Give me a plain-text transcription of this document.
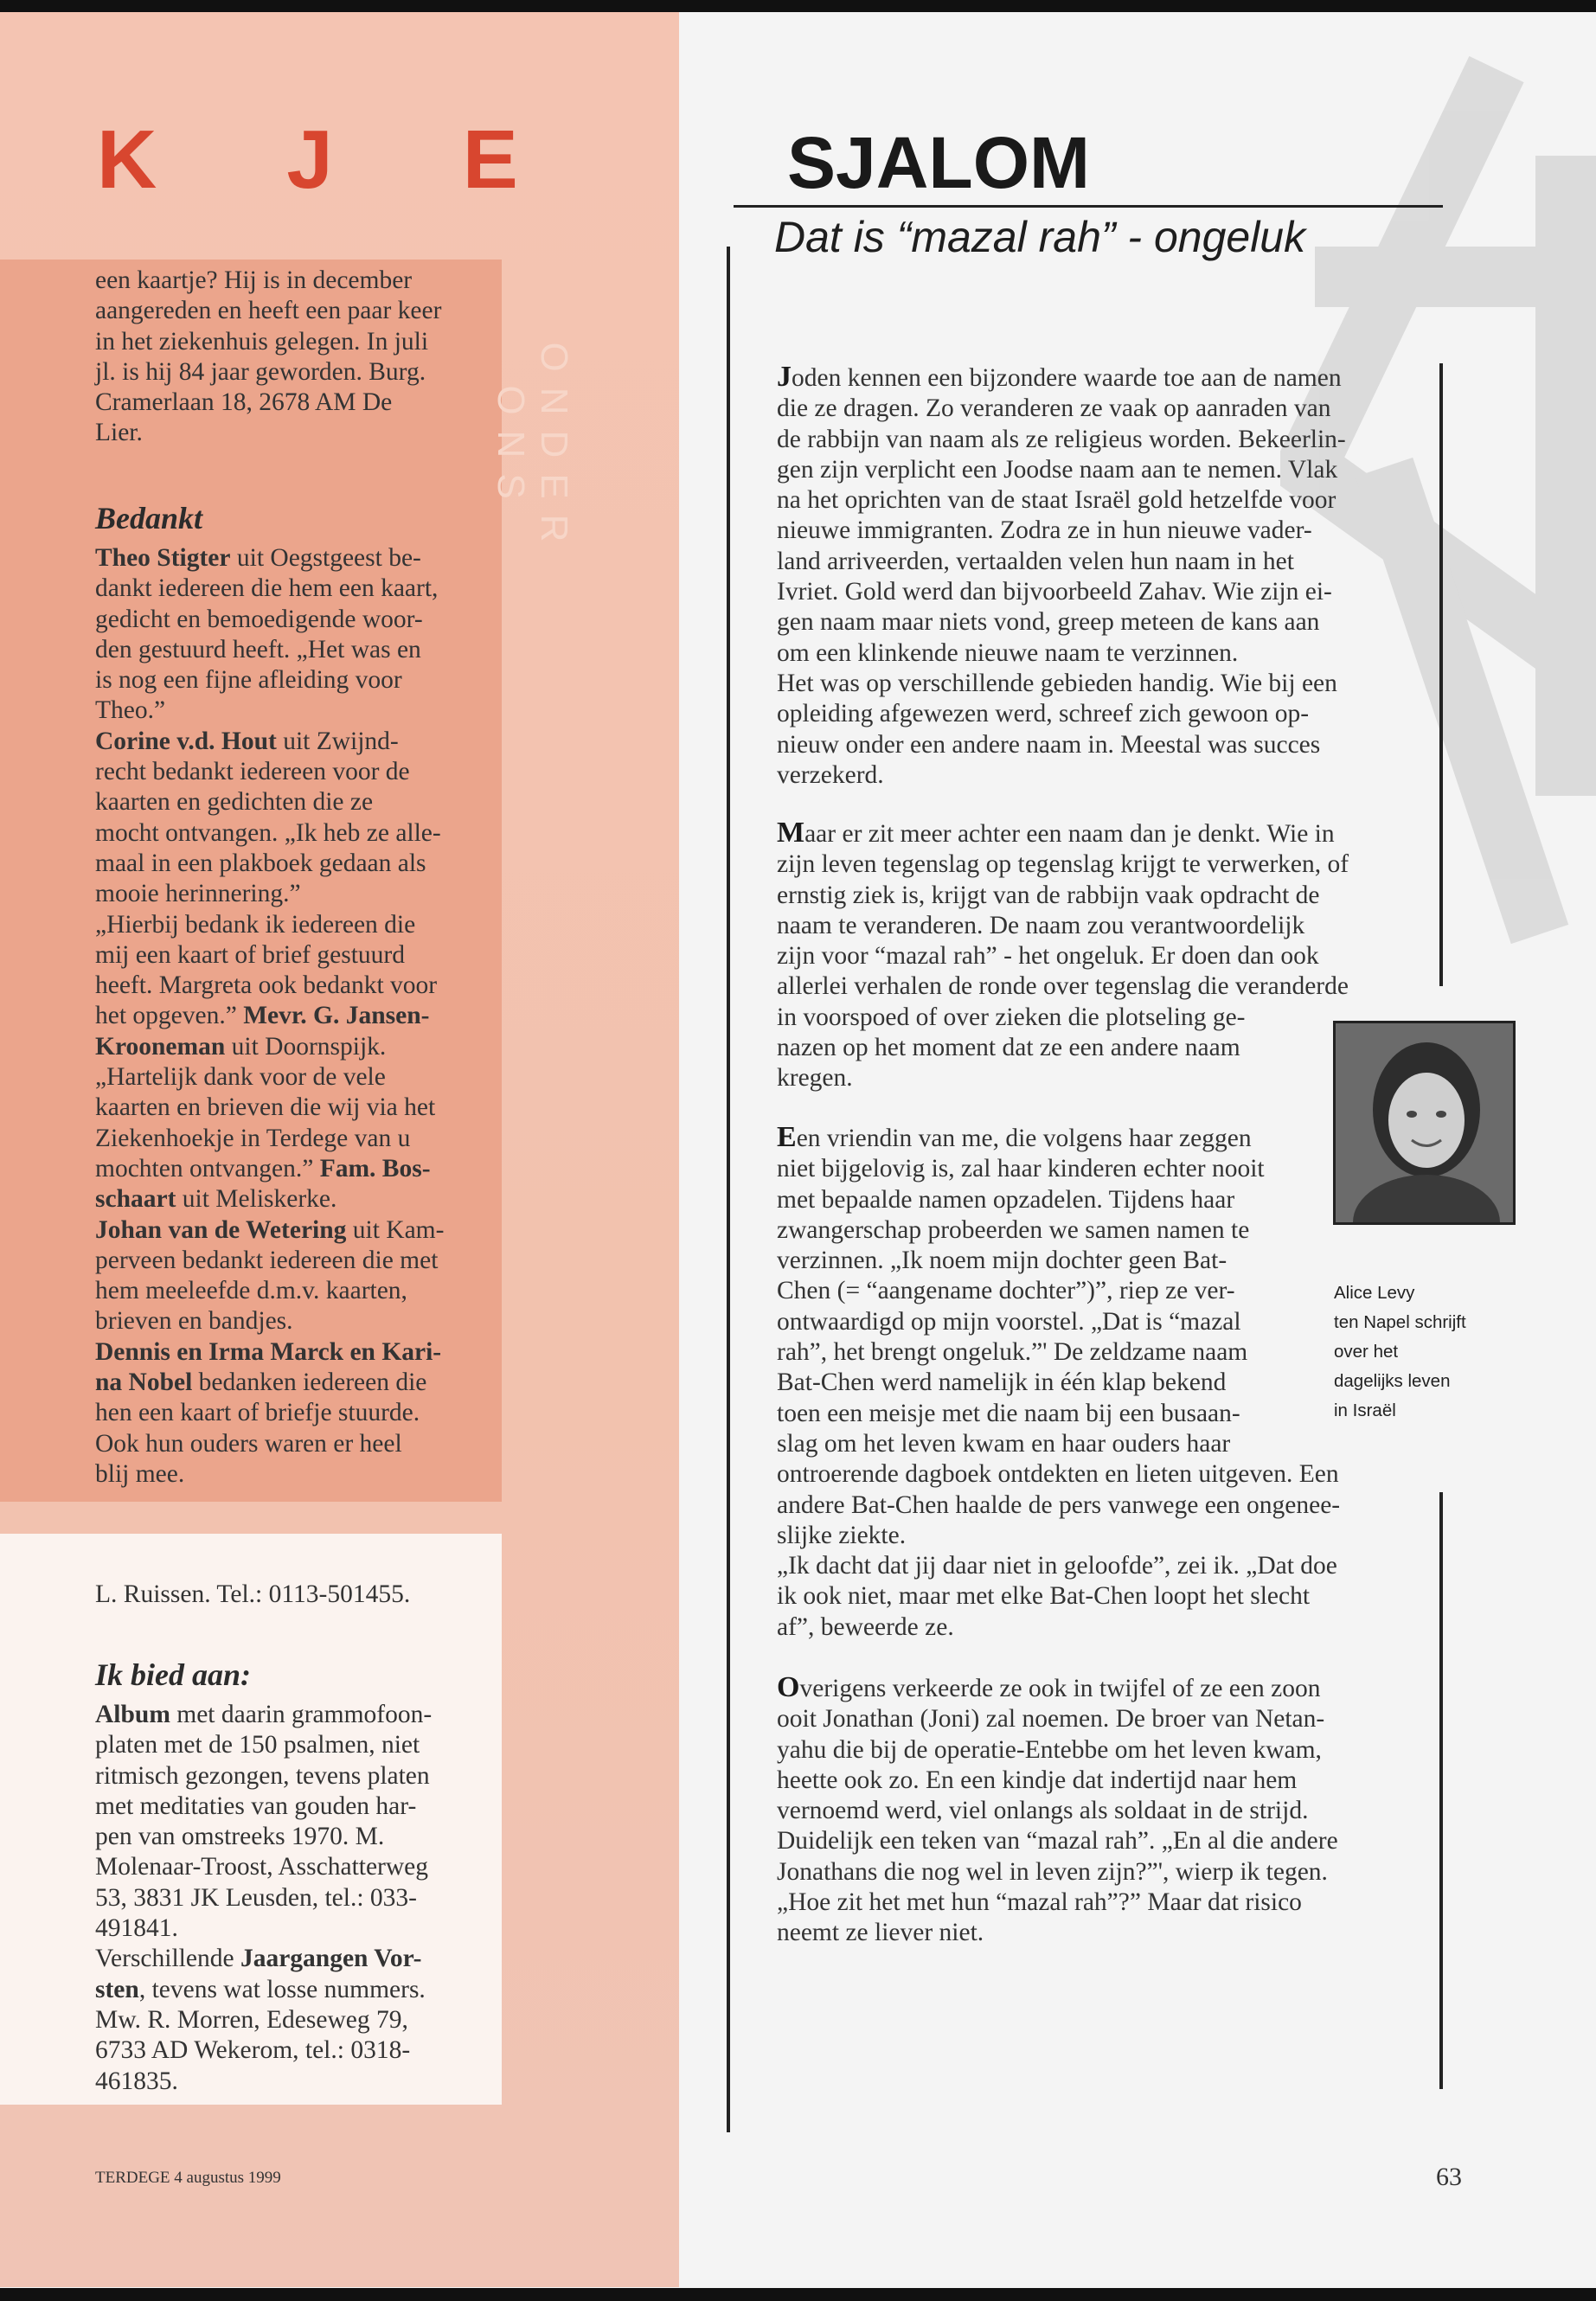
K J E
ONDER ONS
een kaartje? Hij is in december
aangereden en heeft een paar keer
in het ziekenhuis gelegen. In juli
jl. is hij 84 jaar geworden. Burg.
Cramerlaan 18, 2678 AM De
Lier.
Bedankt
Theo Stigter uit Oegstgeest be-
dankt iedereen die hem een kaart,
gedicht en bemoedigende woor-
den gestuurd heeft. „Het was en
is nog een fijne afleiding voor
Theo.”
Corine v.d. Hout uit Zwijnd-
recht bedankt iedereen voor de
kaarten en gedichten die ze
mocht ontvangen. „Ik heb ze alle-
maal in een plakboek gedaan als
mooie herinnering.”
„Hierbij bedank ik iedereen die
mij een kaart of brief gestuurd
heeft. Margreta ook bedankt voor
het opgeven.” Mevr. G. Jansen-
Krooneman uit Doornspijk.
„Hartelijk dank voor de vele
kaarten en brieven die wij via het
Ziekenhoekje in Terdege van u
mochten ontvangen.” Fam. Bos-
schaart uit Meliskerke.
Johan van de Wetering uit Kam-
perveen bedankt iedereen die met
hem meeleefde d.m.v. kaarten,
brieven en bandjes.
Dennis en Irma Marck en Kari-
na Nobel bedanken iedereen die
hen een kaart of briefje stuurde.
Ook hun ouders waren er heel
blij mee.
L. Ruissen. Tel.: 0113-501455.
Ik bied aan:
Album met daarin grammofoon-
platen met de 150 psalmen, niet
ritmisch gezongen, tevens platen
met meditaties van gouden har-
pen van omstreeks 1970. M.
Molenaar-Troost, Asschatterweg
53, 3831 JK Leusden, tel.: 033-
491841.
Verschillende Jaargangen Vor-
sten, tevens wat losse nummers.
Mw. R. Morren, Edeseweg 79,
6733 AD Wekerom, tel.: 0318-
461835.
TERDEGE 4 augustus 1999
SJALOM
Dat is “mazal rah” - ongeluk
Joden kennen een bijzondere waarde toe aan de namen
die ze dragen. Zo veranderen ze vaak op aanraden van
de rabbijn van naam als ze religieus worden. Bekeerlin-
gen zijn verplicht een Joodse naam aan te nemen. Vlak
na het oprichten van de staat Israël gold hetzelfde voor
nieuwe immigranten. Zodra ze in hun nieuwe vader-
land arriveerden, vertaalden velen hun naam in het
Ivriet. Gold werd dan bijvoorbeeld Zahav. Wie zijn ei-
gen naam maar niets vond, greep meteen de kans aan
om een klinkende nieuwe naam te verzinnen.
Het was op verschillende gebieden handig. Wie bij een
opleiding afgewezen werd, schreef zich gewoon op-
nieuw onder een andere naam in. Meestal was succes
verzekerd.
Maar er zit meer achter een naam dan je denkt. Wie in
zijn leven tegenslag op tegenslag krijgt te verwerken, of
ernstig ziek is, krijgt van de rabbijn vaak opdracht de
naam te veranderen. De naam zou verantwoordelijk
zijn voor “mazal rah” - het ongeluk. Er doen dan ook
allerlei verhalen de ronde over tegenslag die veranderde
in voorspoed of over zieken die plotseling ge-
nazen op het moment dat ze een andere naam
kregen.
Een vriendin van me, die volgens haar zeggen
niet bijgelovig is, zal haar kinderen echter nooit
met bepaalde namen opzadelen. Tijdens haar
zwangerschap probeerden we samen namen te
verzinnen. „Ik noem mijn dochter geen Bat-
Chen (= “aangename dochter”)”, riep ze ver-
ontwaardigd op mijn voorstel. „Dat is “mazal
rah”, het brengt ongeluk.”' De zeldzame naam
Bat-Chen werd namelijk in één klap bekend
toen een meisje met die naam bij een busaan-
slag om het leven kwam en haar ouders haar
ontroerende dagboek ontdekten en lieten uitgeven. Een
andere Bat-Chen haalde de pers vanwege een ongenee-
slijke ziekte.
„Ik dacht dat jij daar niet in geloofde”, zei ik. „Dat doe
ik ook niet, maar met elke Bat-Chen loopt het slecht
af”, beweerde ze.
Overigens verkeerde ze ook in twijfel of ze een zoon
ooit Jonathan (Joni) zal noemen. De broer van Netan-
yahu die bij de operatie-Entebbe om het leven kwam,
heette ook zo. En een kindje dat indertijd naar hem
vernoemd werd, viel onlangs als soldaat in de strijd.
Duidelijk een teken van “mazal rah”. „En al die andere
Jonathans die nog wel in leven zijn?”', wierp ik tegen.
„Hoe zit het met hun “mazal rah”?” Maar dat risico
neemt ze liever niet.
Alice Levy
ten Napel schrijft
over het
dagelijks leven
in Israël
63
